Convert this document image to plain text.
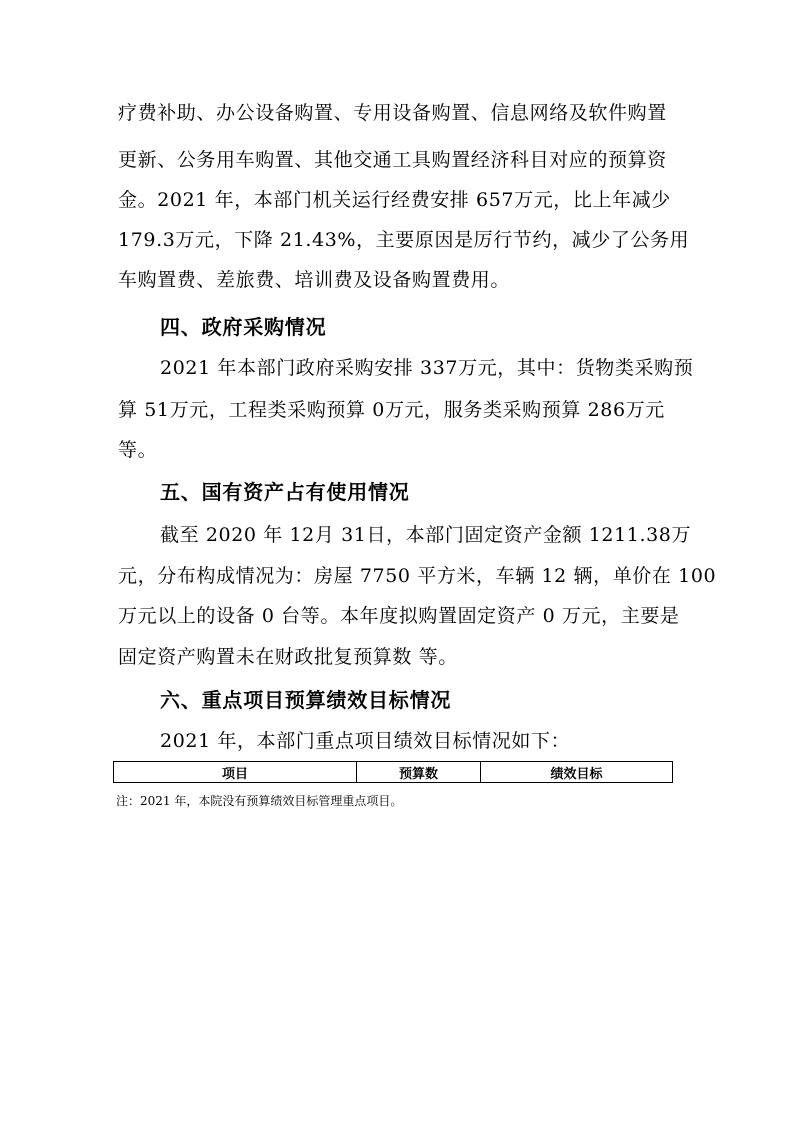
疗费补助、办公设备购置、专用设备购置、信息网络及软件购置
更新、公务用车购置、其他交通工具购置经济科目对应的预算资
金。2021 年，本部门机关运行经费安排 657万元，比上年减少
179.3万元，下降 21.43%，主要原因是厉行节约，减少了公务用
车购置费、差旅费、培训费及设备购置费用。
四、政府采购情况
2021 年本部门政府采购安排 337万元，其中：货物类采购预
算 51万元，工程类采购预算 0万元，服务类采购预算 286万元
等。
五、国有资产占有使用情况
截至 2020 年 12月 31日，本部门固定资产金额 1211.38万
元，分布构成情况为：房屋 7750 平方米，车辆 12 辆，单价在 100
万元以上的设备 0 台等。本年度拟购置固定资产 0 万元，主要是
固定资产购置未在财政批复预算数 等。
六、重点项目预算绩效目标情况
2021 年，本部门重点项目绩效目标情况如下：
项目	预算数	绩效目标
注：2021 年，本院没有预算绩效目标管理重点项目。
